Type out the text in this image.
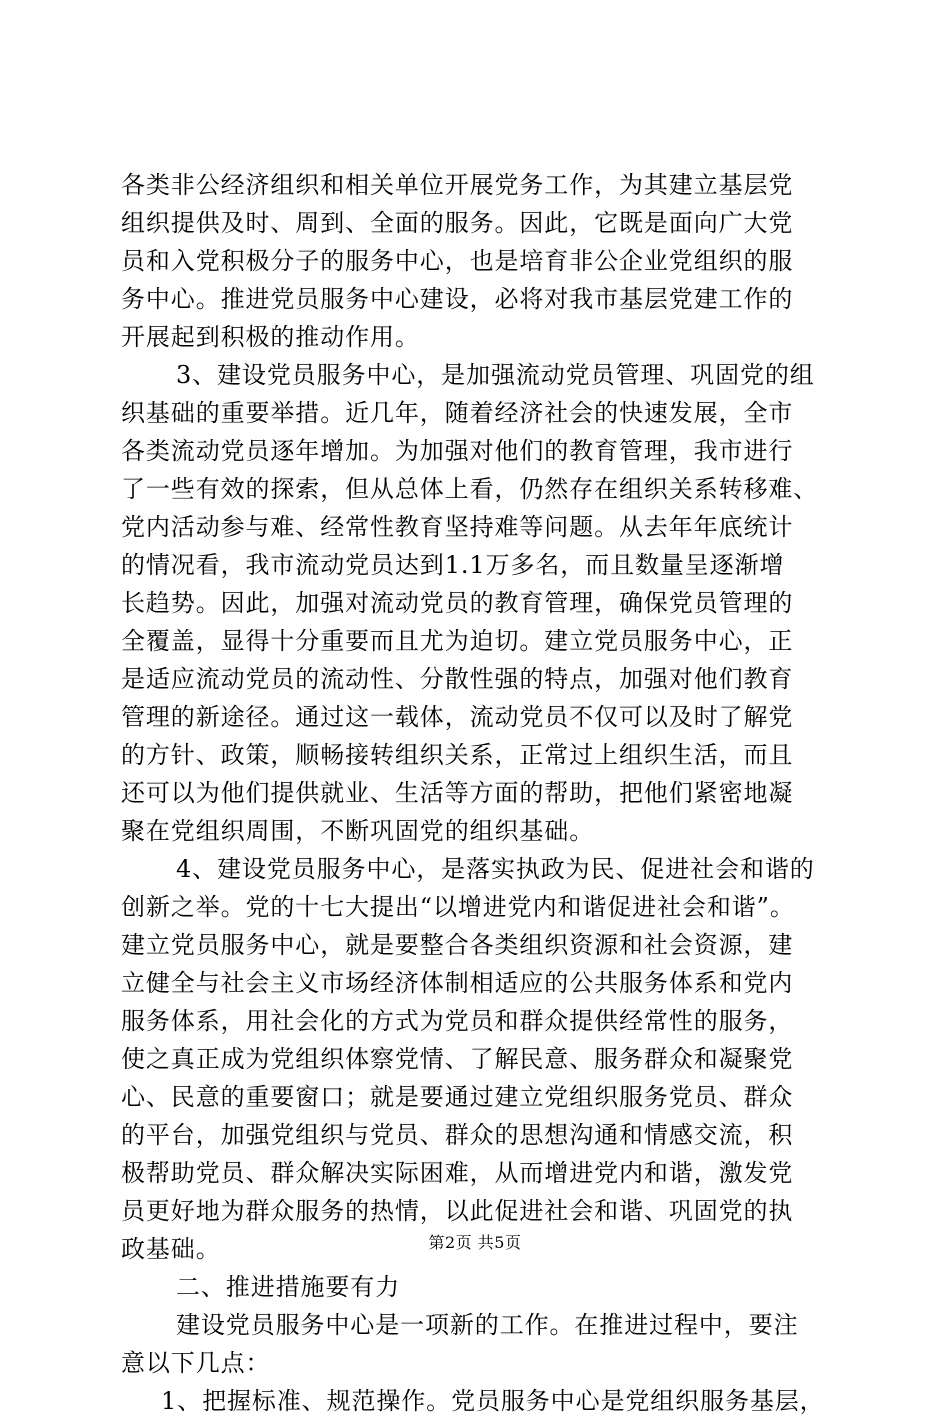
各类非公经济组织和相关单位开展党务工作，为其建立基层党
组织提供及时、周到、全面的服务。因此，它既是面向广大党
员和入党积极分子的服务中心，也是培育非公企业党组织的服
务中心。推进党员服务中心建设，必将对我市基层党建工作的
开展起到积极的推动作用。
3、建设党员服务中心，是加强流动党员管理、巩固党的组
织基础的重要举措。近几年，随着经济社会的快速发展，全市
各类流动党员逐年增加。为加强对他们的教育管理，我市进行
了一些有效的探索，但从总体上看，仍然存在组织关系转移难、
党内活动参与难、经常性教育坚持难等问题。从去年年底统计
的情况看，我市流动党员达到1.1万多名，而且数量呈逐渐增
长趋势。因此，加强对流动党员的教育管理，确保党员管理的
全覆盖，显得十分重要而且尤为迫切。建立党员服务中心，正
是适应流动党员的流动性、分散性强的特点，加强对他们教育
管理的新途径。通过这一载体，流动党员不仅可以及时了解党
的方针、政策，顺畅接转组织关系，正常过上组织生活，而且
还可以为他们提供就业、生活等方面的帮助，把他们紧密地凝
聚在党组织周围，不断巩固党的组织基础。
4、建设党员服务中心，是落实执政为民、促进社会和谐的
创新之举。党的十七大提出“以增进党内和谐促进社会和谐”。
建立党员服务中心，就是要整合各类组织资源和社会资源，建
立健全与社会主义市场经济体制相适应的公共服务体系和党内
服务体系，用社会化的方式为党员和群众提供经常性的服务，
使之真正成为党组织体察党情、了解民意、服务群众和凝聚党
心、民意的重要窗口；就是要通过建立党组织服务党员、群众
的平台，加强党组织与党员、群众的思想沟通和情感交流，积
极帮助党员、群众解决实际困难，从而增进党内和谐，激发党
员更好地为群众服务的热情，以此促进社会和谐、巩固党的执
政基础。
二、推进措施要有力
建设党员服务中心是一项新的工作。在推进过程中，要注
意以下几点：
1、把握标准、规范操作。党员服务中心是党组织服务基层，
第2页 共5页
